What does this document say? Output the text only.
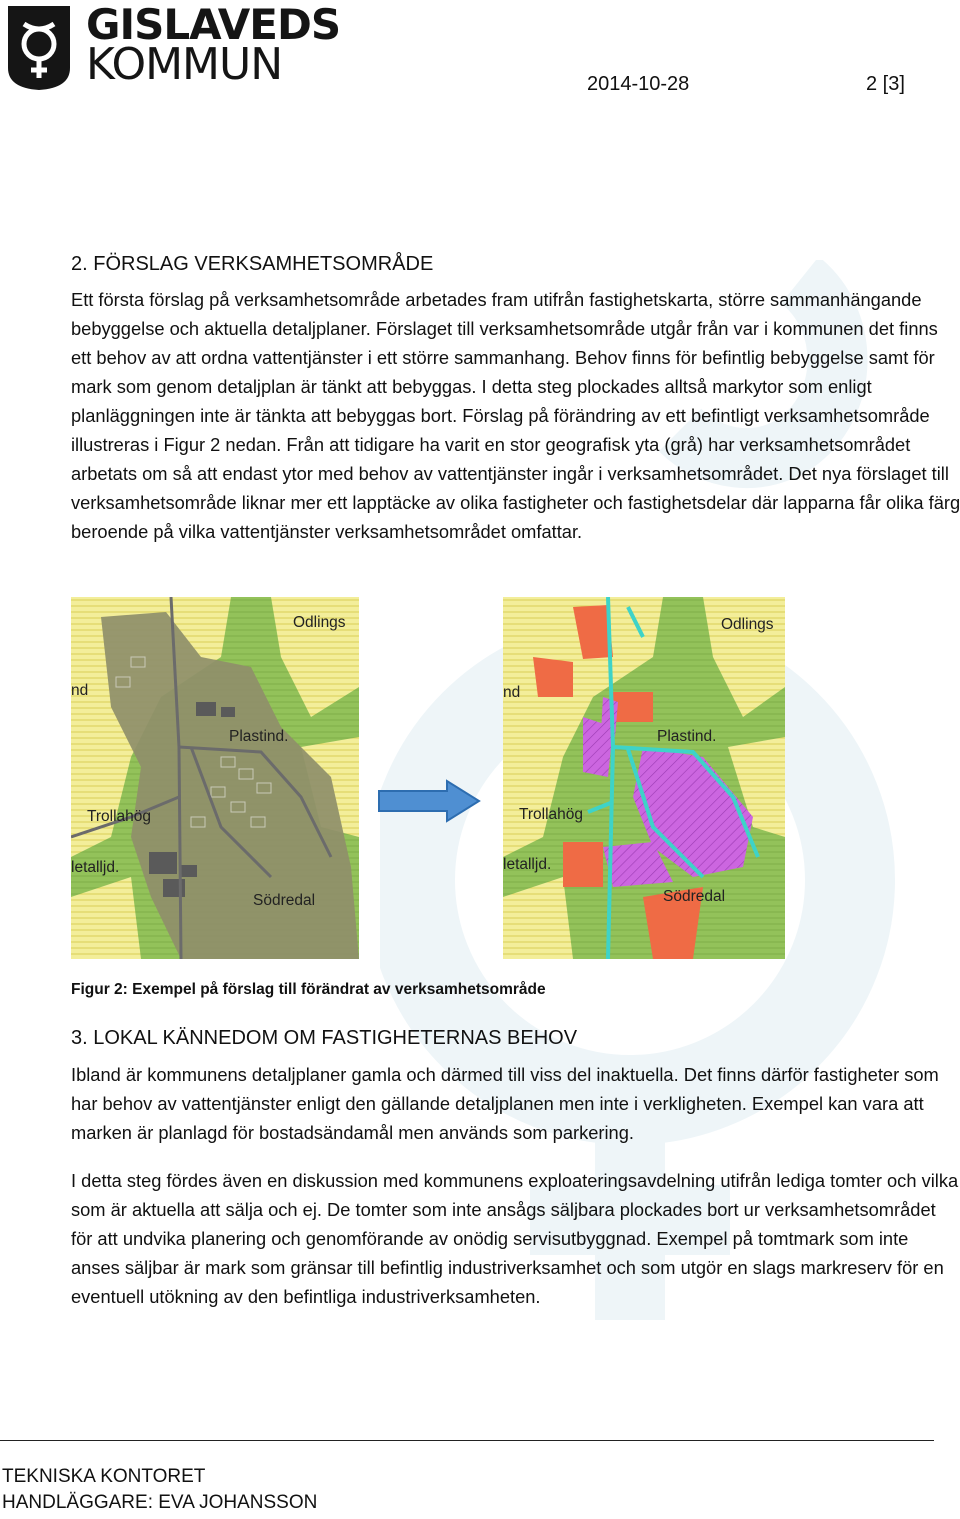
GISLAVEDS
KOMMUN	2014-10-28	2 [3]
2. FÖRSLAG VERKSAMHETSOMRÅDE

Ett första förslag på verksamhetsområde arbetades fram utifrån fastighetskarta, större sammanhängande bebyggelse och aktuella detaljplaner. Förslaget till verksamhetsområde utgår från var i kommunen det finns ett behov av att ordna vattentjänster i ett större sammanhang. Behov finns för befintlig bebyggelse samt för mark som genom detaljplan är tänkt att bebyggas. I detta steg plockades alltså markytor som enligt planläggningen inte är tänkta att bebyggas bort. Förslag på förändring av ett befintligt verksamhetsområde illustreras i Figur 2 nedan. Från att tidigare ha varit en stor geografisk yta (grå) har verksamhetsområdet arbetats om så att endast ytor med behov av vattentjänster ingår i verksamhetsområdet. Det nya förslaget till verksamhetsområde liknar mer ett lapptäcke av olika fastigheter och fastighetsdelar där lapparna får olika färg beroende på vilka vattentjänster verksamhetsområdet omfattar.

Odlings
nd
Plastind.
Trollahög
letalljd.
Södredal
Odlings
nd
Plastind.
Trollahög
letalljd.
Södredal
Figur 2: Exempel på förslag till förändrat av verksamhetsområde
3. LOKAL KÄNNEDOM OM FASTIGHETERNAS BEHOV

Ibland är kommunens detaljplaner gamla och därmed till viss del inaktuella. Det finns därför fastigheter som har behov av vattentjänster enligt den gällande detaljplanen men inte i verkligheten. Exempel kan vara att marken är planlagd för bostadsändamål men används som parkering.

I detta steg fördes även en diskussion med kommunens exploateringsavdelning utifrån lediga tomter och vilka som är aktuella att sälja och ej. De tomter som inte ansågs säljbara plockades bort ur verksamhetsområdet för att undvika planering och genomförande av onödig servisutbyggnad. Exempel på tomtmark som inte anses säljbar är mark som gränsar till befintlig industriverksamhet och som utgör en slags markreserv för en eventuell utökning av den befintliga industriverksamheten.

TEKNISKA KONTORET
HANDLÄGGARE: EVA JOHANSSON
